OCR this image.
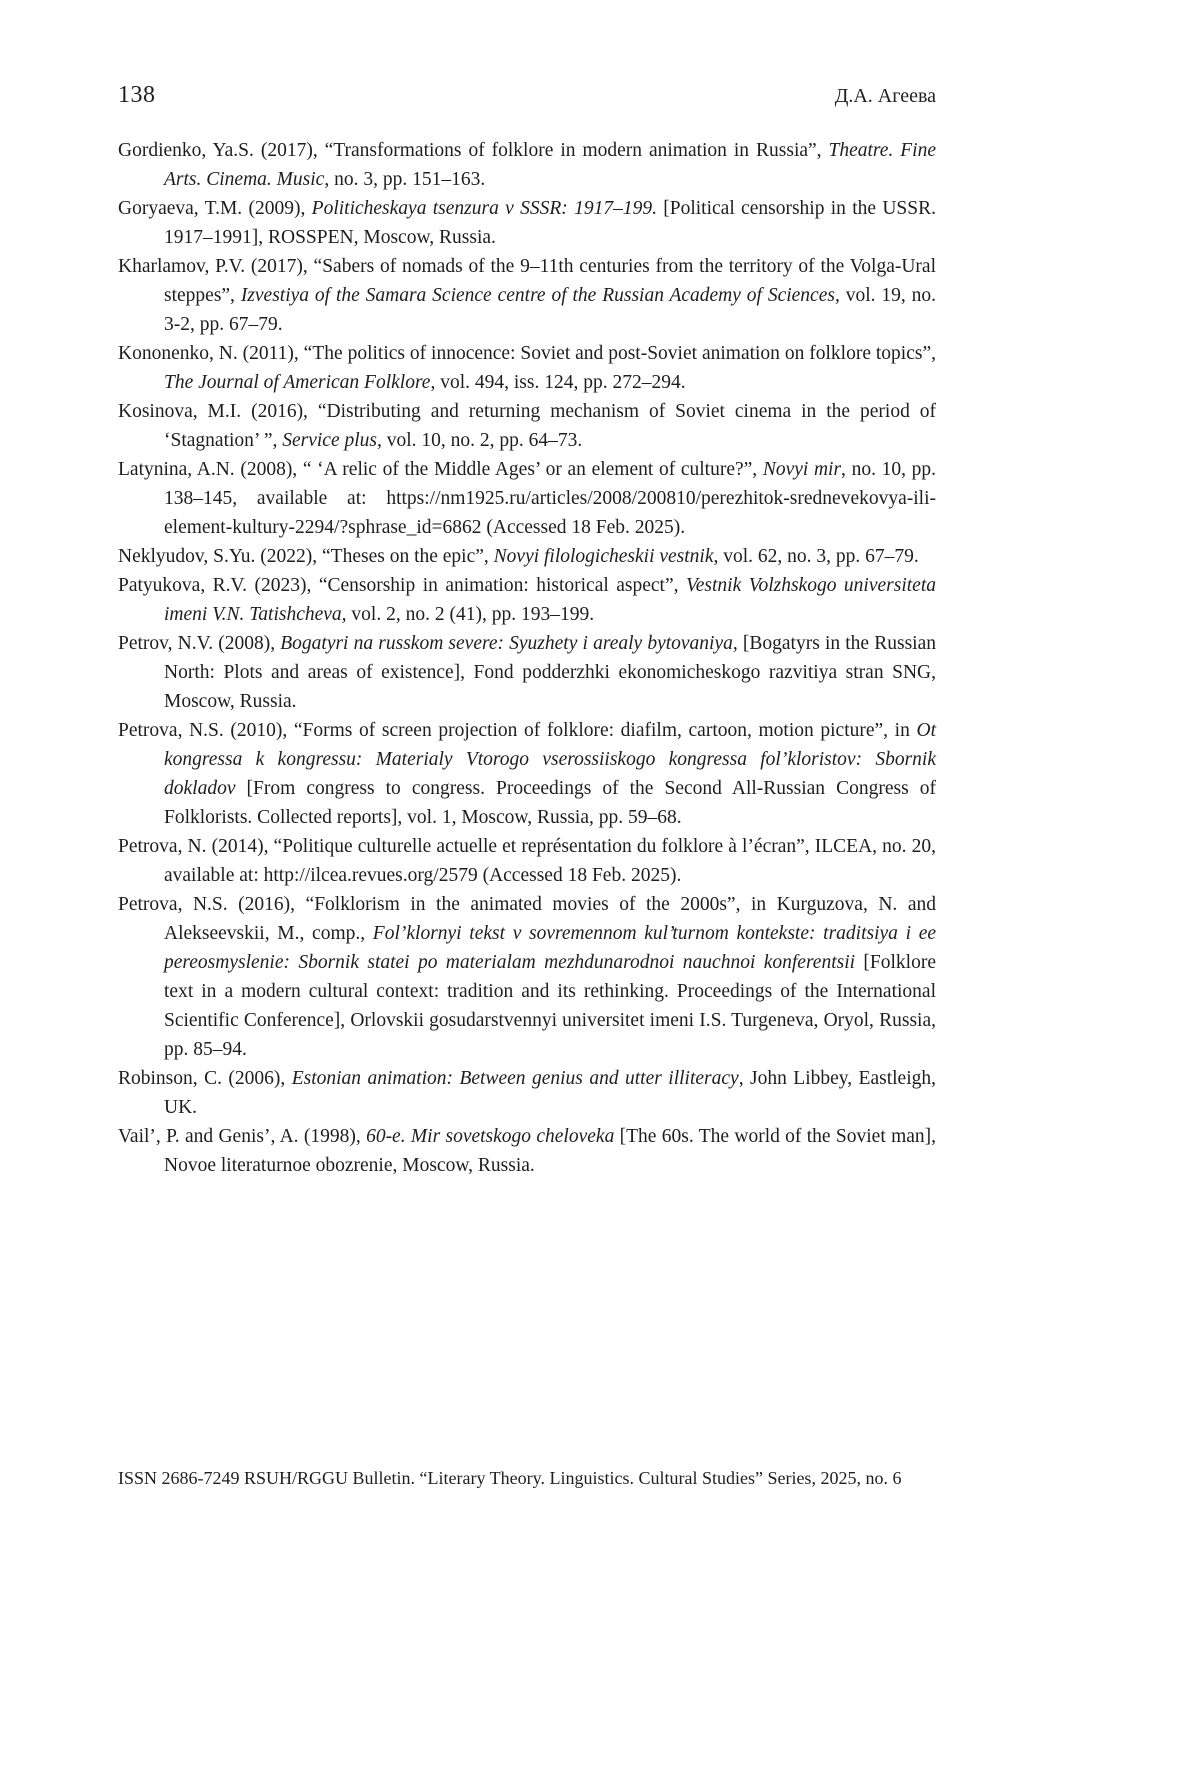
138	Д.А. Агеева
Gordienko, Ya.S. (2017), “Transformations of folklore in modern animation in Russia”, Theatre. Fine Arts. Cinema. Music, no. 3, pp. 151–163.
Goryaeva, T.M. (2009), Politicheskaya tsenzura v SSSR: 1917–199. [Political censorship in the USSR. 1917–1991], ROSSPEN, Moscow, Russia.
Kharlamov, P.V. (2017), “Sabers of nomads of the 9–11th centuries from the territory of the Volga-Ural steppes”, Izvestiya of the Samara Science centre of the Russian Academy of Sciences, vol. 19, no. 3-2, pp. 67–79.
Kononenko, N. (2011), “The politics of innocence: Soviet and post-Soviet animation on folklore topics”, The Journal of American Folklore, vol. 494, iss. 124, pp. 272–294.
Kosinova, M.I. (2016), “Distributing and returning mechanism of Soviet cinema in the period of ‘Stagnation’ ”, Service plus, vol. 10, no. 2, pp. 64–73.
Latynina, A.N. (2008), “ ‘A relic of the Middle Ages’ or an element of culture?”, Novyi mir, no. 10, pp. 138–145, available at: https://nm1925.ru/articles/2008/200810/perezhitok-srednevekovya-ili-element-kultury-2294/?sphrase_id=6862 (Accessed 18 Feb. 2025).
Neklyudov, S.Yu. (2022), “Theses on the epic”, Novyi filologicheskii vestnik, vol. 62, no. 3, pp. 67–79.
Patyukova, R.V. (2023), “Censorship in animation: historical aspect”, Vestnik Volzhskogo universiteta imeni V.N. Tatishcheva, vol. 2, no. 2 (41), pp. 193–199.
Petrov, N.V. (2008), Bogatyri na russkom severe: Syuzhety i arealy bytovaniya, [Bogatyrs in the Russian North: Plots and areas of existence], Fond podderzhki ekonomicheskogo razvitiya stran SNG, Moscow, Russia.
Petrova, N.S. (2010), “Forms of screen projection of folklore: diafilm, cartoon, motion picture”, in Ot kongressa k kongressu: Materialy Vtorogo vserossiiskogo kongressa fol’kloristov: Sbornik dokladov [From congress to congress. Proceedings of the Second All-Russian Congress of Folklorists. Collected reports], vol. 1, Moscow, Russia, pp. 59–68.
Petrova, N. (2014), “Politique culturelle actuelle et représentation du folklore à l’écran”, ILCEA, no. 20, available at: http://ilcea.revues.org/2579 (Accessed 18 Feb. 2025).
Petrova, N.S. (2016), “Folklorism in the animated movies of the 2000s”, in Kurguzova, N. and Alekseevskii, M., comp., Fol’klornyi tekst v sovremennom kul’turnom kontekste: traditsiya i ee pereosmyslenie: Sbornik statei po materialam mezhdunarodnoi nauchnoi konferentsii [Folklore text in a modern cultural context: tradition and its rethinking. Proceedings of the International Scientific Conference], Orlovskii gosudarstvennyi universitet imeni I.S. Turgeneva, Oryol, Russia, pp. 85–94.
Robinson, C. (2006), Estonian animation: Between genius and utter illiteracy, John Libbey, Eastleigh, UK.
Vail’, P. and Genis’, A. (1998), 60-e. Mir sovetskogo cheloveka [The 60s. The world of the Soviet man], Novoe literaturnoe obozrenie, Moscow, Russia.
ISSN 2686-7249 RSUH/RGGU Bulletin. “Literary Theory. Linguistics. Cultural Studies” Series, 2025, no. 6
